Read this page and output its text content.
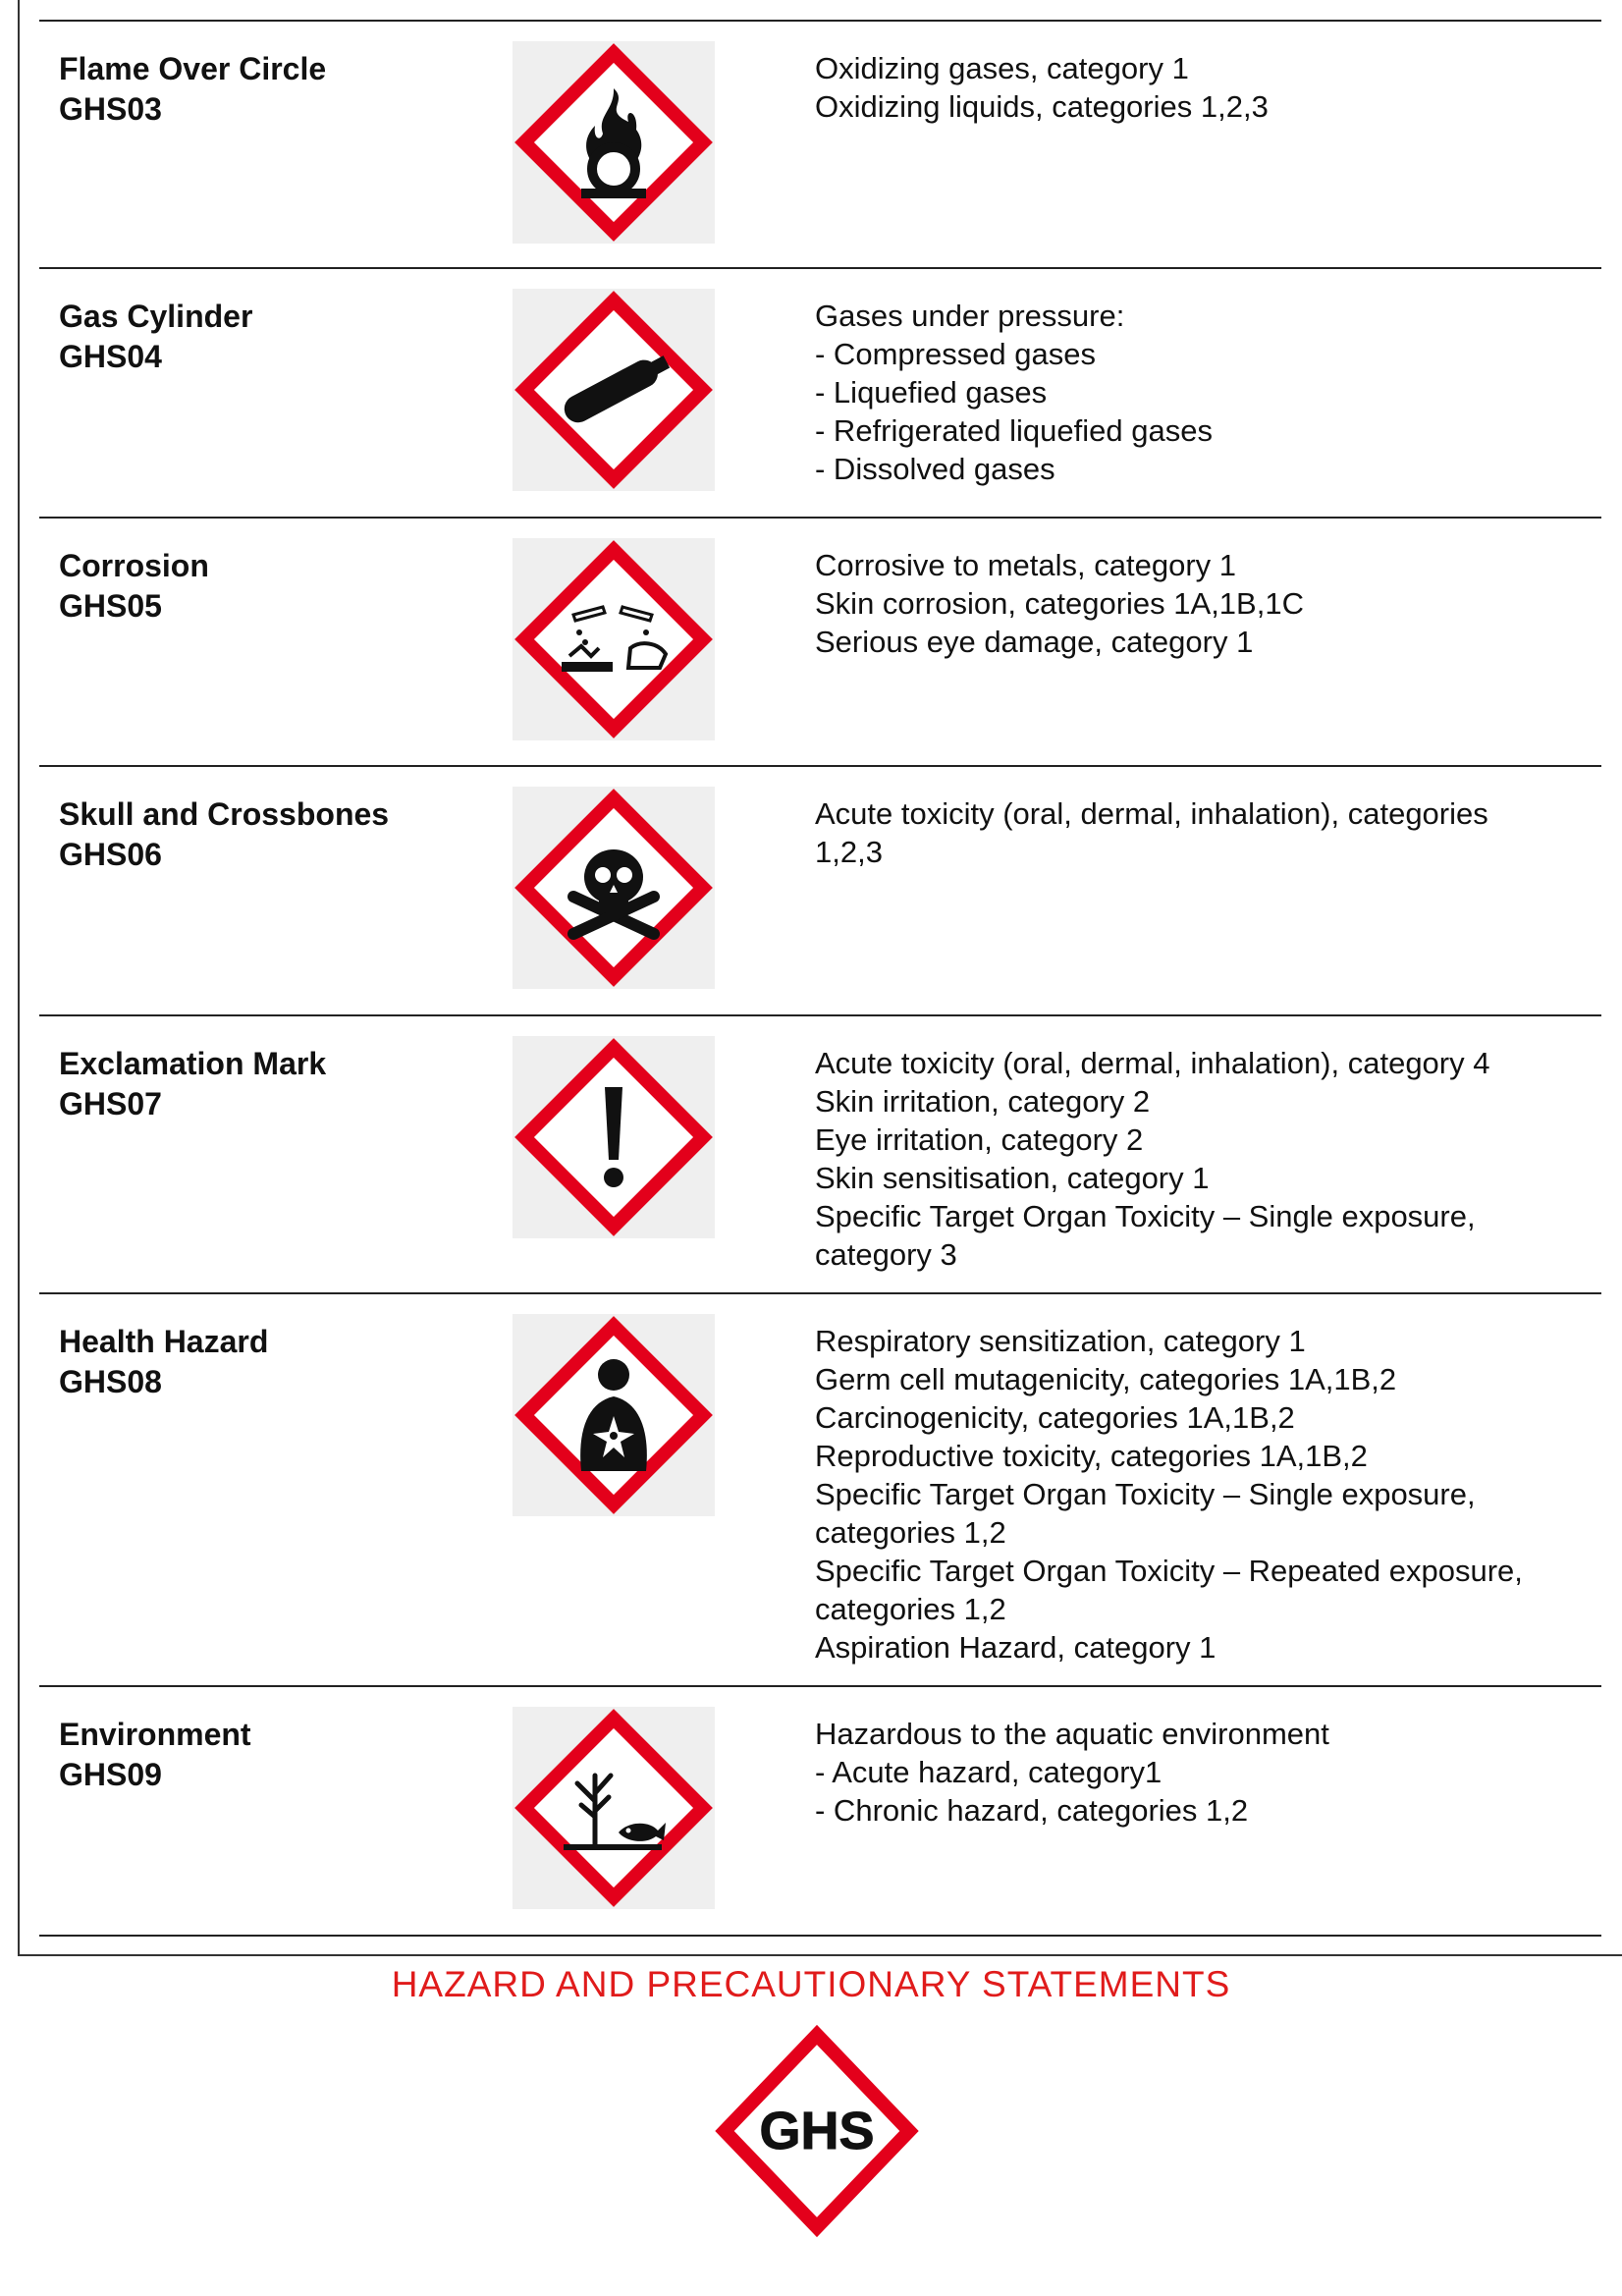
Flame Over Circle
GHS03
Oxidizing gases, category 1
Oxidizing liquids, categories 1,2,3
Gas Cylinder
GHS04
Gases under pressure:
- Compressed gases
- Liquefied gases
- Refrigerated liquefied gases
- Dissolved gases
Corrosion
GHS05
Corrosive to metals, category 1
Skin corrosion, categories 1A,1B,1C
Serious eye damage, category 1
Skull and Crossbones
GHS06
Acute toxicity (oral, dermal, inhalation), categories
1,2,3
Exclamation Mark
GHS07
Acute toxicity (oral, dermal, inhalation), category 4
Skin irritation, category 2
Eye irritation, category 2
Skin sensitisation, category 1
Specific Target Organ Toxicity – Single exposure,
category 3
Health Hazard
GHS08
Respiratory sensitization, category 1
Germ cell mutagenicity, categories 1A,1B,2
Carcinogenicity, categories 1A,1B,2
Reproductive toxicity, categories 1A,1B,2
Specific Target Organ Toxicity – Single exposure,
categories 1,2
Specific Target Organ Toxicity – Repeated exposure,
categories 1,2
Aspiration Hazard, category 1
Environment
GHS09
Hazardous to the aquatic environment
- Acute hazard, category1
- Chronic hazard, categories 1,2
HAZARD AND PRECAUTIONARY STATEMENTS
GHS
